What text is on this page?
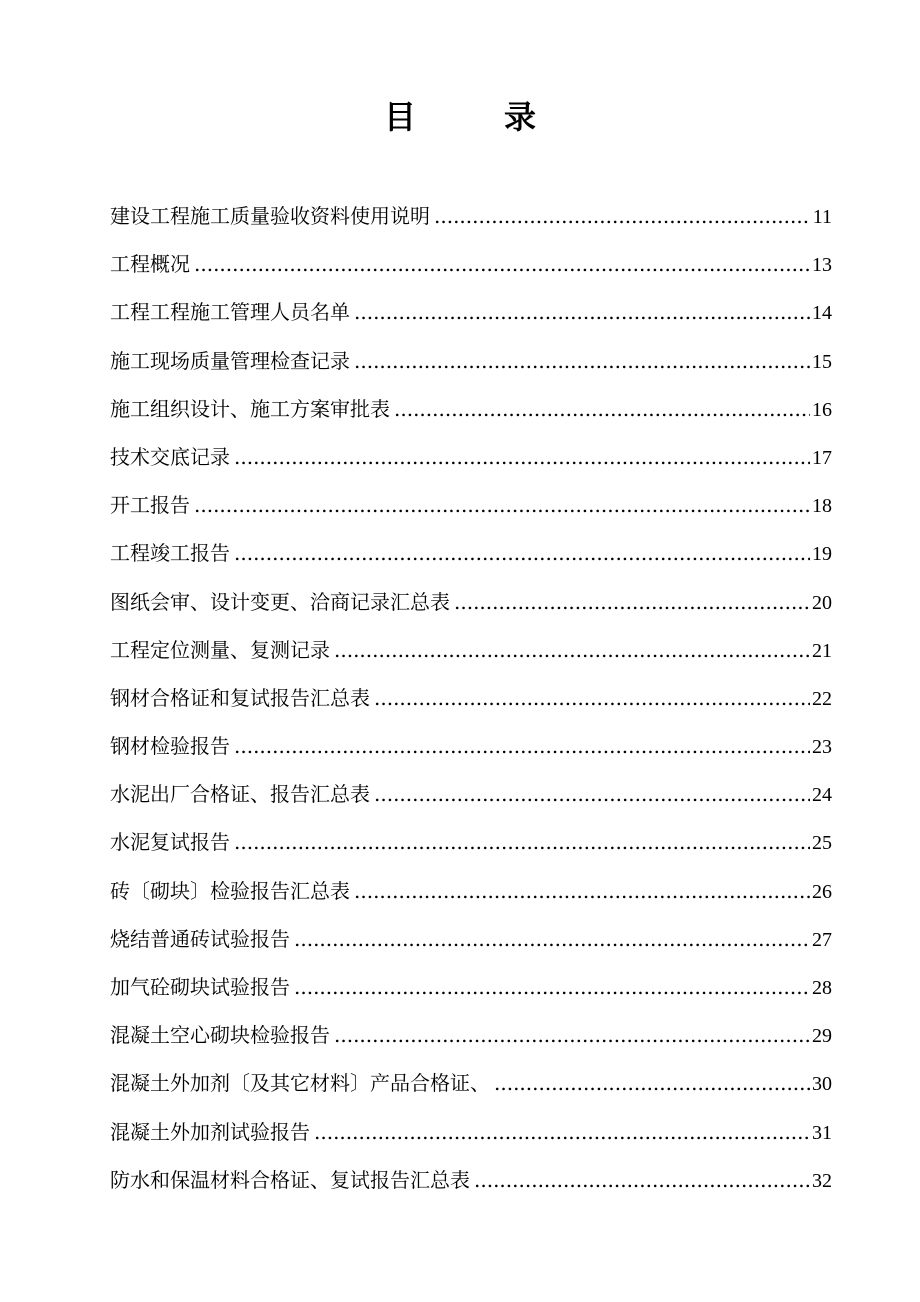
目	录
建设工程施工质量验收资料使用说明 .....	11
工程概况 .....	13
工程工程施工管理人员名单 .....	14
施工现场质量管理检查记录 .....	15
施工组织设计、施工方案审批表 .....	16
技术交底记录 .....	17
开工报告 .....	18
工程竣工报告 .....	19
图纸会审、设计变更、洽商记录汇总表 .....	20
工程定位测量、复测记录 .....	21
钢材合格证和复试报告汇总表 .....	22
钢材检验报告 .....	23
水泥出厂合格证、报告汇总表 .....	24
水泥复试报告 .....	25
砖〔砌块〕检验报告汇总表 .....	26
烧结普通砖试验报告 .....	27
加气砼砌块试验报告 .....	28
混凝土空心砌块检验报告 .....	29
混凝土外加剂〔及其它材料〕产品合格证、 .....	30
混凝土外加剂试验报告 .....	31
防水和保温材料合格证、复试报告汇总表 .....	32
